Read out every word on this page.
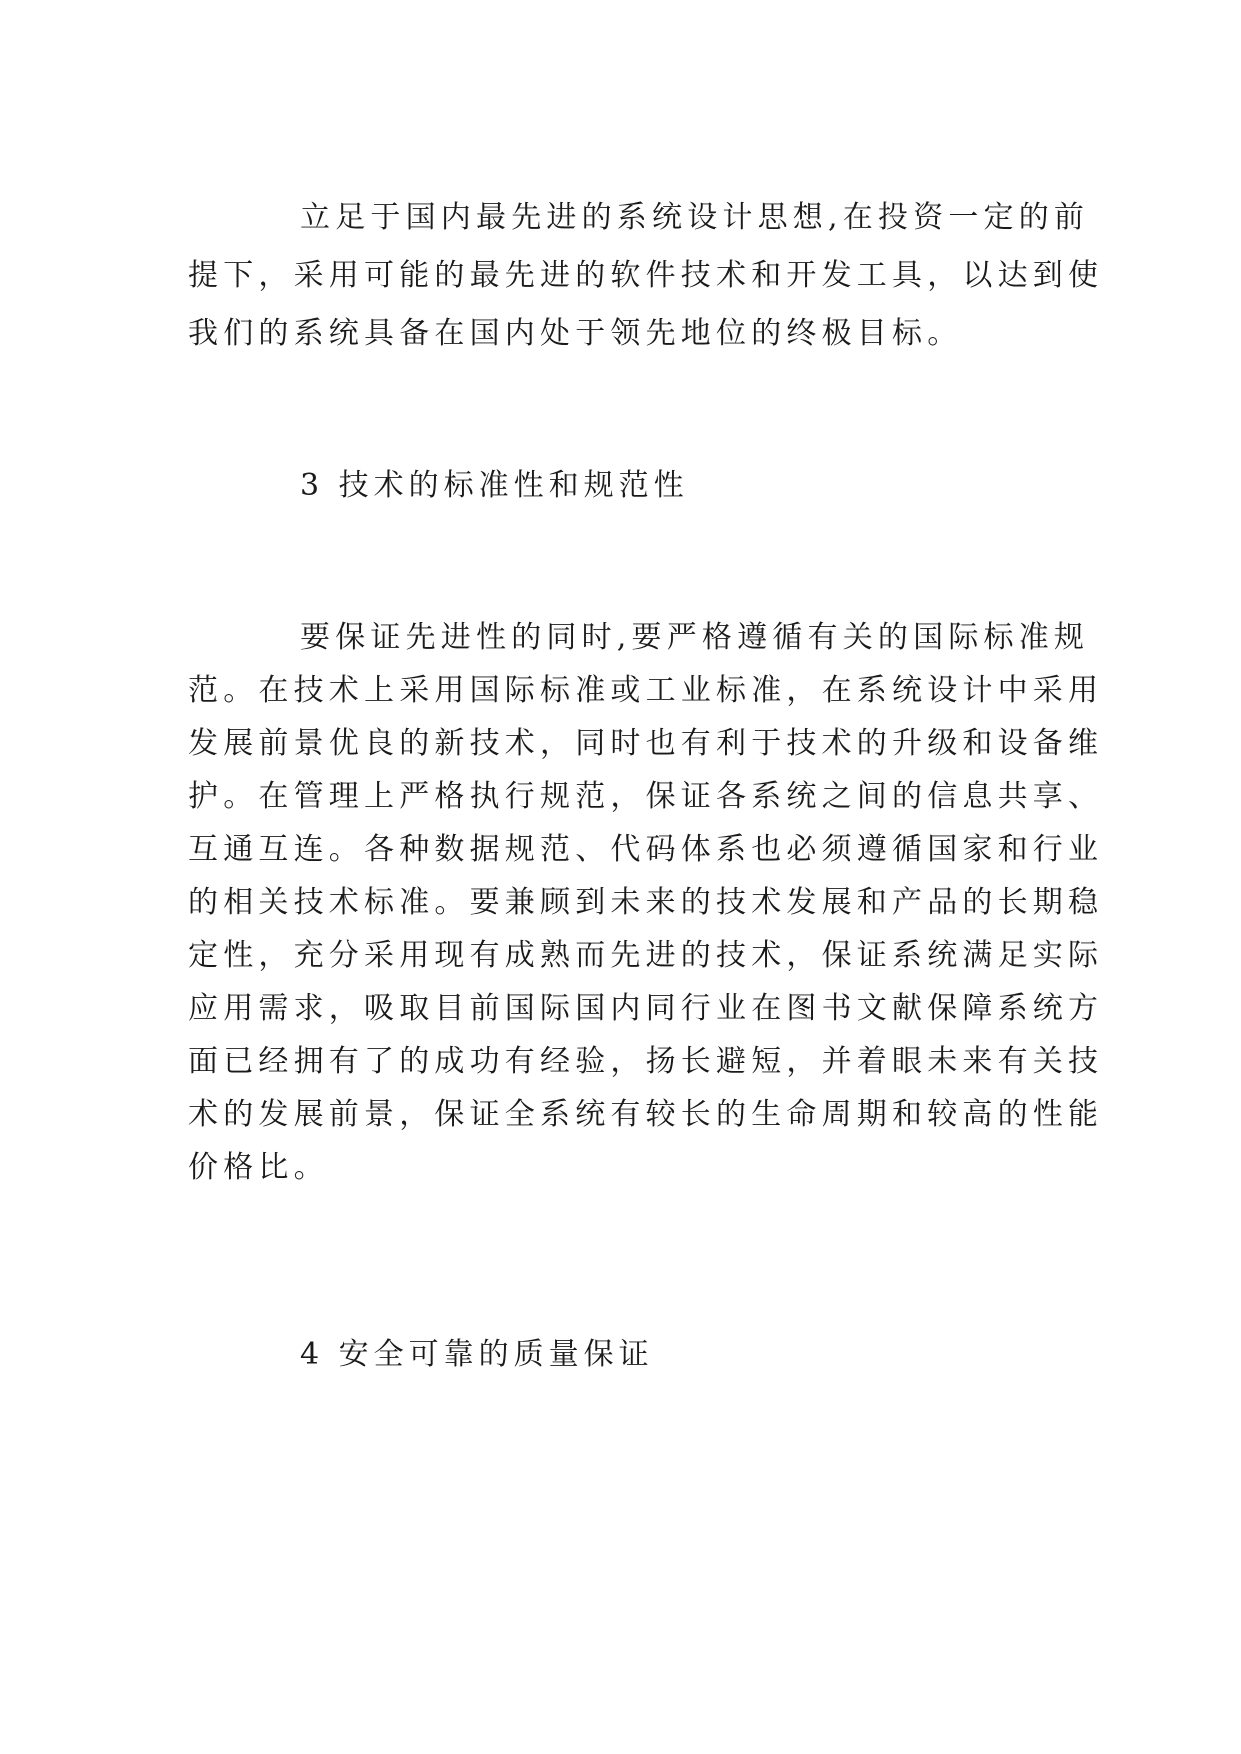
立足于国内最先进的系统设计思想,在投资一定的前
提下，采用可能的最先进的软件技术和开发工具，以达到使
我们的系统具备在国内处于领先地位的终极目标。
3 技术的标准性和规范性
要保证先进性的同时,要严格遵循有关的国际标准规
范。在技术上采用国际标准或工业标准，在系统设计中采用
发展前景优良的新技术，同时也有利于技术的升级和设备维
护。在管理上严格执行规范，保证各系统之间的信息共享、
互通互连。各种数据规范、代码体系也必须遵循国家和行业
的相关技术标准。要兼顾到未来的技术发展和产品的长期稳
定性，充分采用现有成熟而先进的技术，保证系统满足实际
应用需求，吸取目前国际国内同行业在图书文献保障系统方
面已经拥有了的成功有经验，扬长避短，并着眼未来有关技
术的发展前景，保证全系统有较长的生命周期和较高的性能
价格比。
4 安全可靠的质量保证
